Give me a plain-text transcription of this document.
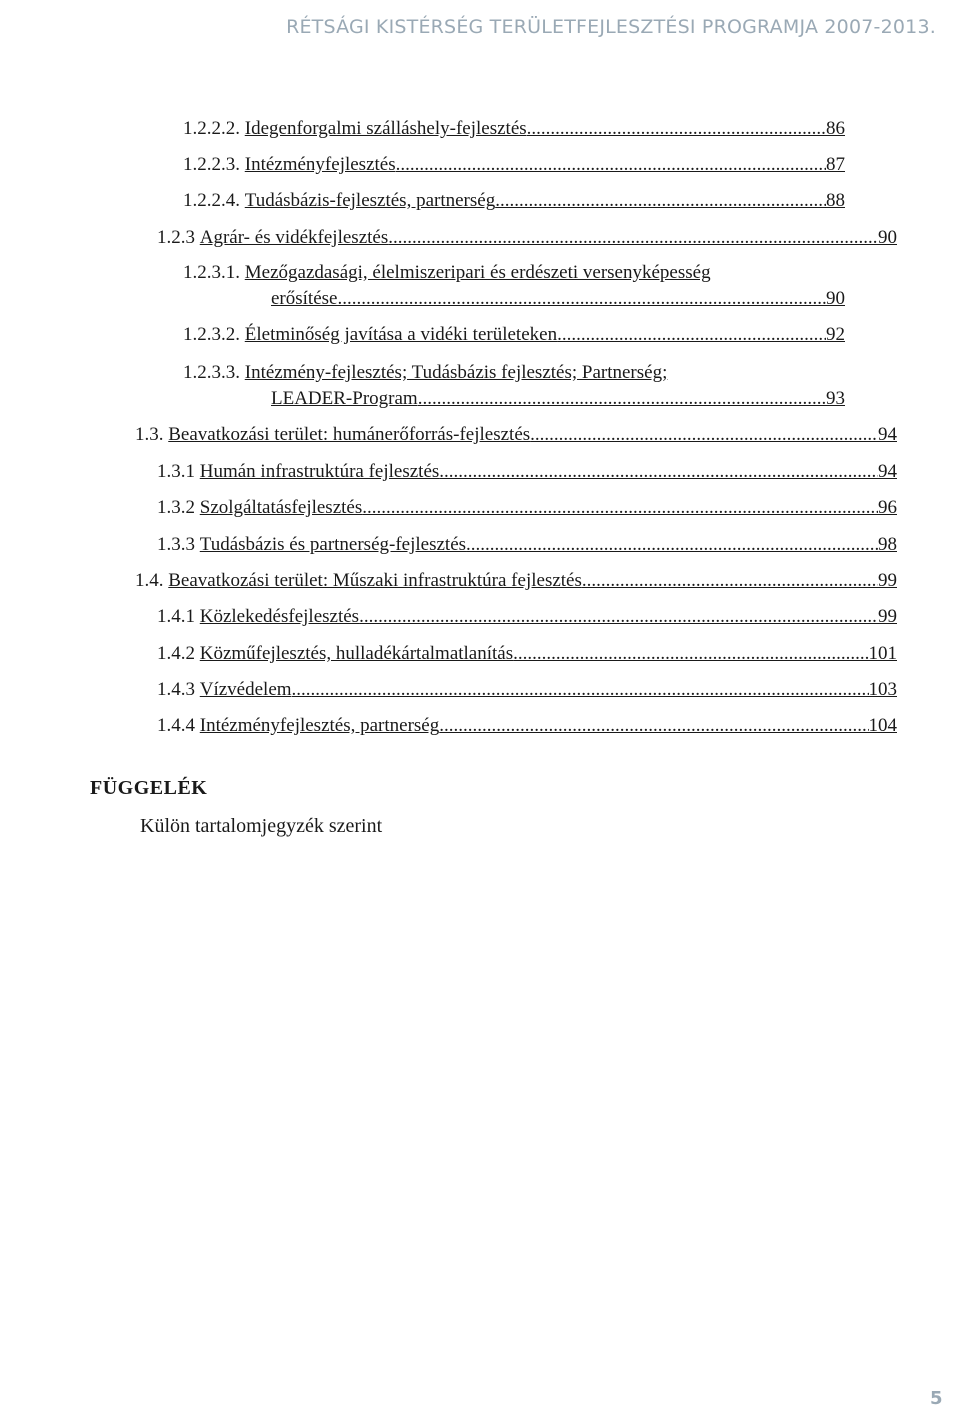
RÉTSÁGI KISTÉRSÉG TERÜLETFEJLESZTÉSI PROGRAMJA 2007-2013.
1.2.2.2. Idegenforgalmi szálláshely-fejlesztés .....	86
1.2.2.3. Intézményfejlesztés .....	87
1.2.2.4. Tudásbázis-fejlesztés, partnerség .....	88
1.2.3 Agrár- és vidékfejlesztés .....	90
1.2.3.1. Mezőgazdasági, élelmiszeripari és erdészeti versenyképesség
erősítése .....	90
1.2.3.2. Életminőség javítása a vidéki területeken .....	92
1.2.3.3. Intézmény-fejlesztés; Tudásbázis fejlesztés; Partnerség;
LEADER-Program .....	93
1.3. Beavatkozási terület: humánerőforrás-fejlesztés .....	94
1.3.1 Humán infrastruktúra fejlesztés .....	94
1.3.2 Szolgáltatásfejlesztés .....	96
1.3.3 Tudásbázis és partnerség-fejlesztés .....	98
1.4. Beavatkozási terület: Műszaki infrastruktúra fejlesztés .....	99
1.4.1 Közlekedésfejlesztés .....	99
1.4.2 Közműfejlesztés, hulladékártalmatlanítás .....	101
1.4.3 Vízvédelem .....	103
1.4.4 Intézményfejlesztés, partnerség .....	104
FÜGGELÉK
Külön tartalomjegyzék szerint
5
